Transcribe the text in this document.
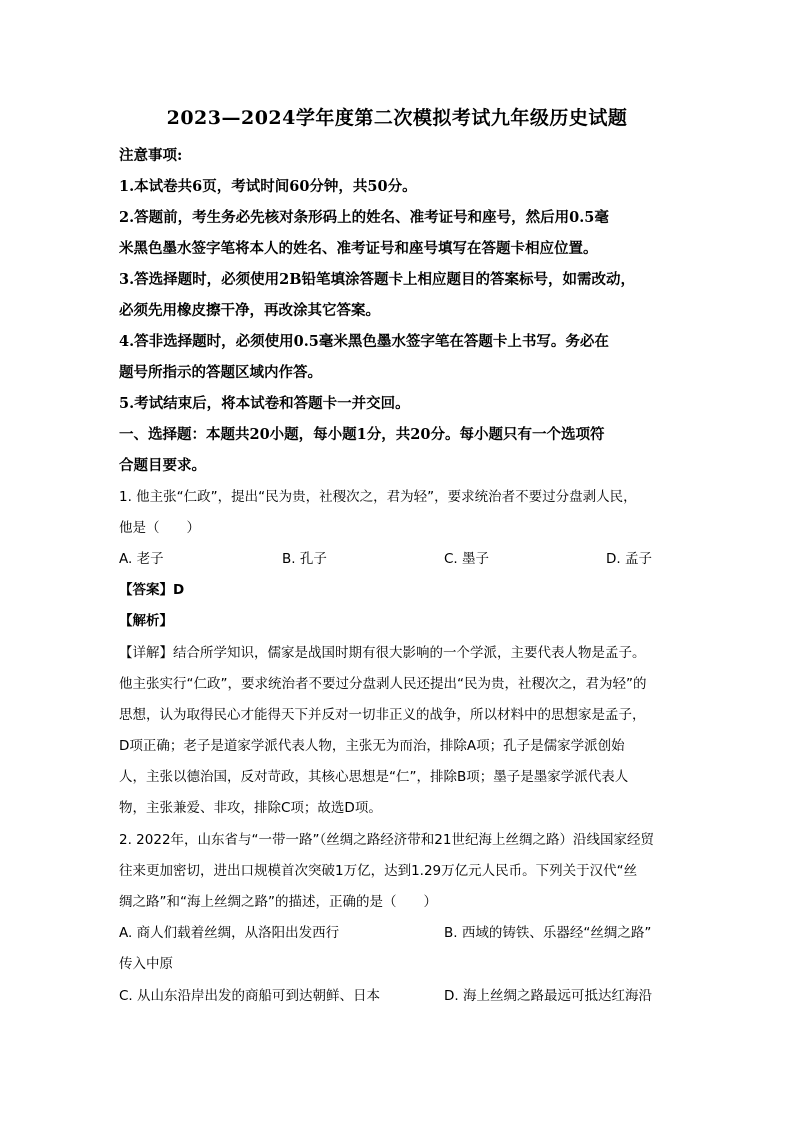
2023—2024学年度第二次模拟考试九年级历史试题
注意事项:
1.本试卷共6页，考试时间60分钟，共50分。
2.答题前，考生务必先核对条形码上的姓名、准考证号和座号，然后用0.5毫
米黑色墨水签字笔将本人的姓名、准考证号和座号填写在答题卡相应位置。
3.答选择题时，必须使用2B铅笔填涂答题卡上相应题目的答案标号，如需改动，
必须先用橡皮擦干净，再改涂其它答案。
4.答非选择题时，必须使用0.5毫米黑色墨水签字笔在答题卡上书写。务必在
题号所指示的答题区域内作答。
5.考试结束后，将本试卷和答题卡一并交回。
一、选择题：本题共20小题，每小题1分，共20分。每小题只有一个选项符
合题目要求。
1. 他主张“仁政”，提出“民为贵，社稷次之，君为轻”，要求统治者不要过分盘剥人民，
他是（　　）
A. 老子	B. 孔子	C. 墨子	D. 孟子
【答案】D
【解析】
【详解】结合所学知识，儒家是战国时期有很大影响的一个学派，主要代表人物是孟子。
他主张实行“仁政”，要求统治者不要过分盘剥人民还提出“民为贵，社稷次之，君为轻”的
思想，认为取得民心才能得天下并反对一切非正义的战争，所以材料中的思想家是孟子，
D项正确；老子是道家学派代表人物，主张无为而治，排除A项；孔子是儒家学派创始
人，主张以德治国，反对苛政，其核心思想是“仁”，排除B项；墨子是墨家学派代表人
物，主张兼爱、非攻，排除C项；故选D项。
2. 2022年，山东省与“一带一路”（丝绸之路经济带和21世纪海上丝绸之路）沿线国家经贸
往来更加密切，进出口规模首次突破1万亿，达到1.29万亿元人民币。下列关于汉代“丝
绸之路”和“海上丝绸之路”的描述，正确的是（　　）
A. 商人们载着丝绸，从洛阳出发西行	B. 西域的铸铁、乐器经“丝绸之路”
传入中原
C. 从山东沿岸出发的商船可到达朝鲜、日本	D. 海上丝绸之路最远可抵达红海沿
